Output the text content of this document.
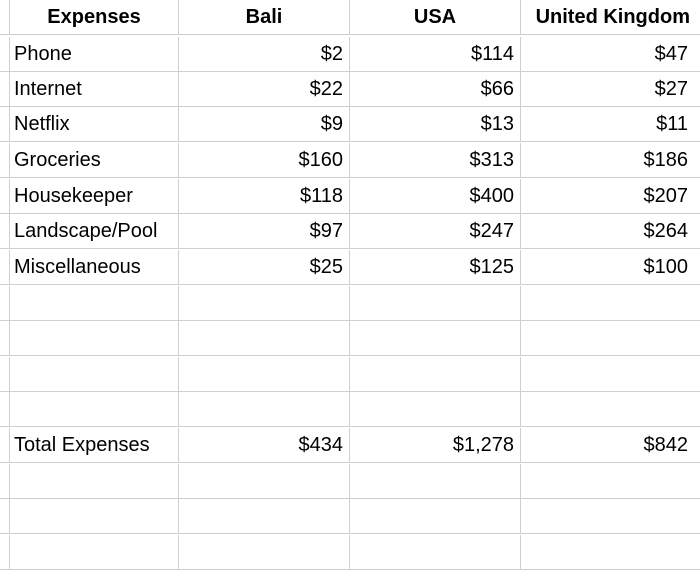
Expenses	Bali	USA	United Kingdom
Phone	$2	$114	$47
Internet	$22	$66	$27
Netflix	$9	$13	$11
Groceries	$160	$313	$186
Housekeeper	$118	$400	$207
Landscape/Pool	$97	$247	$264
Miscellaneous	$25	$125	$100
Total Expenses	$434	$1,278	$842
